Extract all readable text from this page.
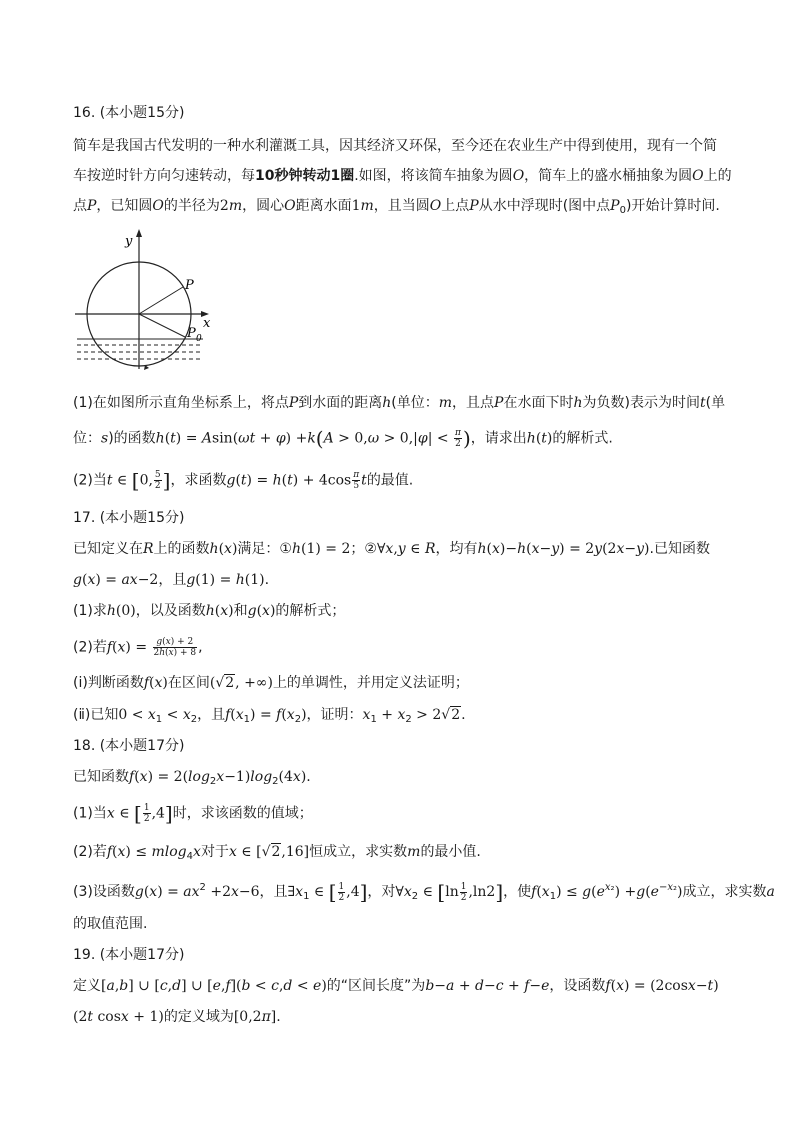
16. (本小题15分)
简车是我国古代发明的一种水利灌溉工具，因其经济又环保，至今还在农业生产中得到使用，现有一个简
车按逆时针方向匀速转动，每10秒钟转动1圈.如图，将该简车抽象为圆O，简车上的盛水桶抽象为圆O上的
点P，已知圆O的半径为2m，圆心O距离水面1m，且当圆O上点P从水中浮现时(图中点$P_0$)开始计算时间.
y
x
P
P 0
(1)在如图所示直角坐标系上，将点P到水面的距离h(单位：m，且点P在水面下时h为负数)表示为时间t(单
位：s)的函数$h(t) = Asin(\omega t + \varphi) +k(A > 0,\omega > 0,|\varphi| < \frac{\pi}{2}$ )，请求出h(t)的解析式.
(2)当t ∈ [0, $\frac{5}{2}$ ]，求函数$g(t) = h(t) + 4\cos \frac{\pi}{5}$ t的最值.
17. (本小题15分)
已知定义在R上的函数h(x)满足：①h(1) = 2；②∀x,y ∈ R，均有h(x)−h(x−y) = 2y(2x−y).已知函数
g(x) = ax−2，且g(1) = h(1).
(1)求h(0)，以及函数h(x)和g(x)的解析式；
(2)若$f(x) = \frac{g(x) + 2}{2h(x) + 8}$ ,
(ⅰ)判断函数f(x)在区间(√2, +∞)上的单调性，并用定义法证明；
(ⅱ)已知$0 < x_1 < x_2$，且$f(x_1) = f(x_2)$，证明：$x_1 + x_2 > 2√2$.
18. (本小题17分)
已知函数$f(x) = 2(\log_2x-1)\log_2(4x)$.
(1)当x ∈ [ $\frac{1}{2} ,4$]时，求该函数的值域；
(2)若f(x) ≤ mlog$_4$x对于x ∈ [√2,16]恒成立，求实数m的最小值.
(3)设函数$g(x) = ax^2 +2x-6$，且$\exists x_1$ ∈ [ $\frac{1}{2} ,4$]，对$\forall x_2$ ∈ $[\ln \frac{1}{2} ,\ln 2]$，使$f(x_1) \le g(e^{x_2}) +g(e^{-x_2})$成立，求实数a
的取值范围.
19. (本小题17分)
定义[a,b] ∪ [c,d] ∪ [e,f](b < c,d < e)的“区间长度”为b−a + d−c + f−e，设函数f(x) = (2cosx−t)
(2t cosx + 1)的定义域为[0,2π].
